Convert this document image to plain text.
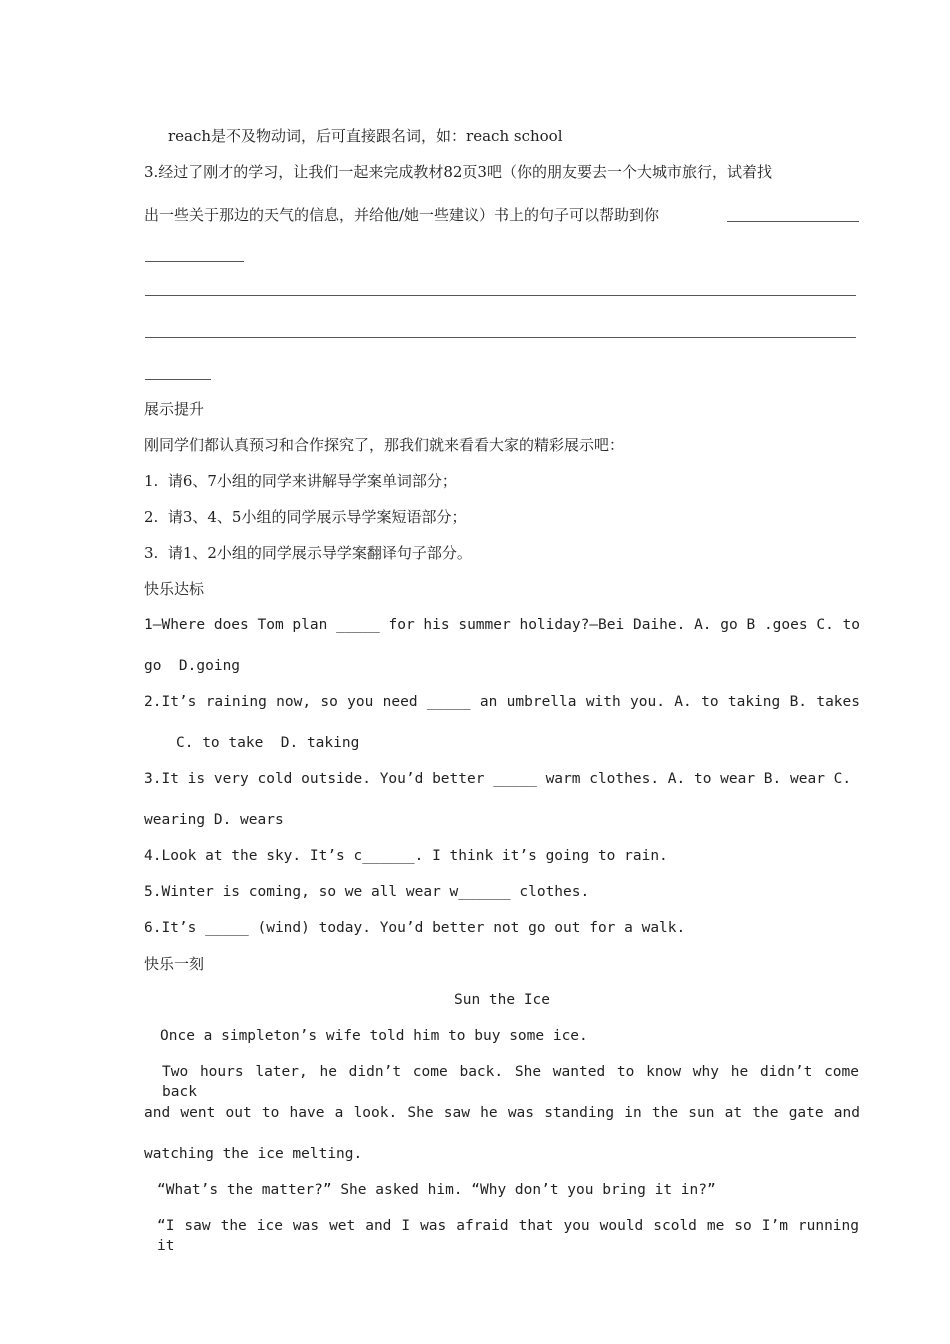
reach是不及物动词，后可直接跟名词，如：reach school

3.经过了刚才的学习，让我们一起来完成教材82页3吧（你的朋友要去一个大城市旅行，试着找

出一些关于那边的天气的信息，并给他/她一些建议）书上的句子可以帮助到你

展示提升

刚同学们都认真预习和合作探究了，那我们就来看看大家的精彩展示吧：

1.  请6、7小组的同学来讲解导学案单词部分；

2.  请3、4、5小组的同学展示导学案短语部分；

3.  请1、2小组的同学展示导学案翻译句子部分。

快乐达标

1—Where does Tom plan _____ for his summer holiday?—Bei Daihe. A. go B .goes C. to

go  D.going

2.It’s raining now, so you need _____ an umbrella with you. A. to taking B. takes

C. to take  D. taking

3.It is very cold outside. You’d better _____ warm clothes. A. to wear B. wear C.

wearing D. wears

4.Look at the sky. It’s c______. I think it’s going to rain.

5.Winter is coming, so we all wear w______ clothes.

6.It’s _____ (wind) today. You’d better not go out for a walk.

快乐一刻

Sun the Ice

Once a simpleton’s wife told him to buy some ice.

Two hours later, he didn’t come back. She wanted to know why he didn’t come back

and went out to have a look. She saw he was standing in the sun at the gate and

watching the ice melting.

“What’s the matter?” She asked him. “Why don’t you bring it in?”

“I saw the ice was wet and I was afraid that you would scold me so I’m running it
